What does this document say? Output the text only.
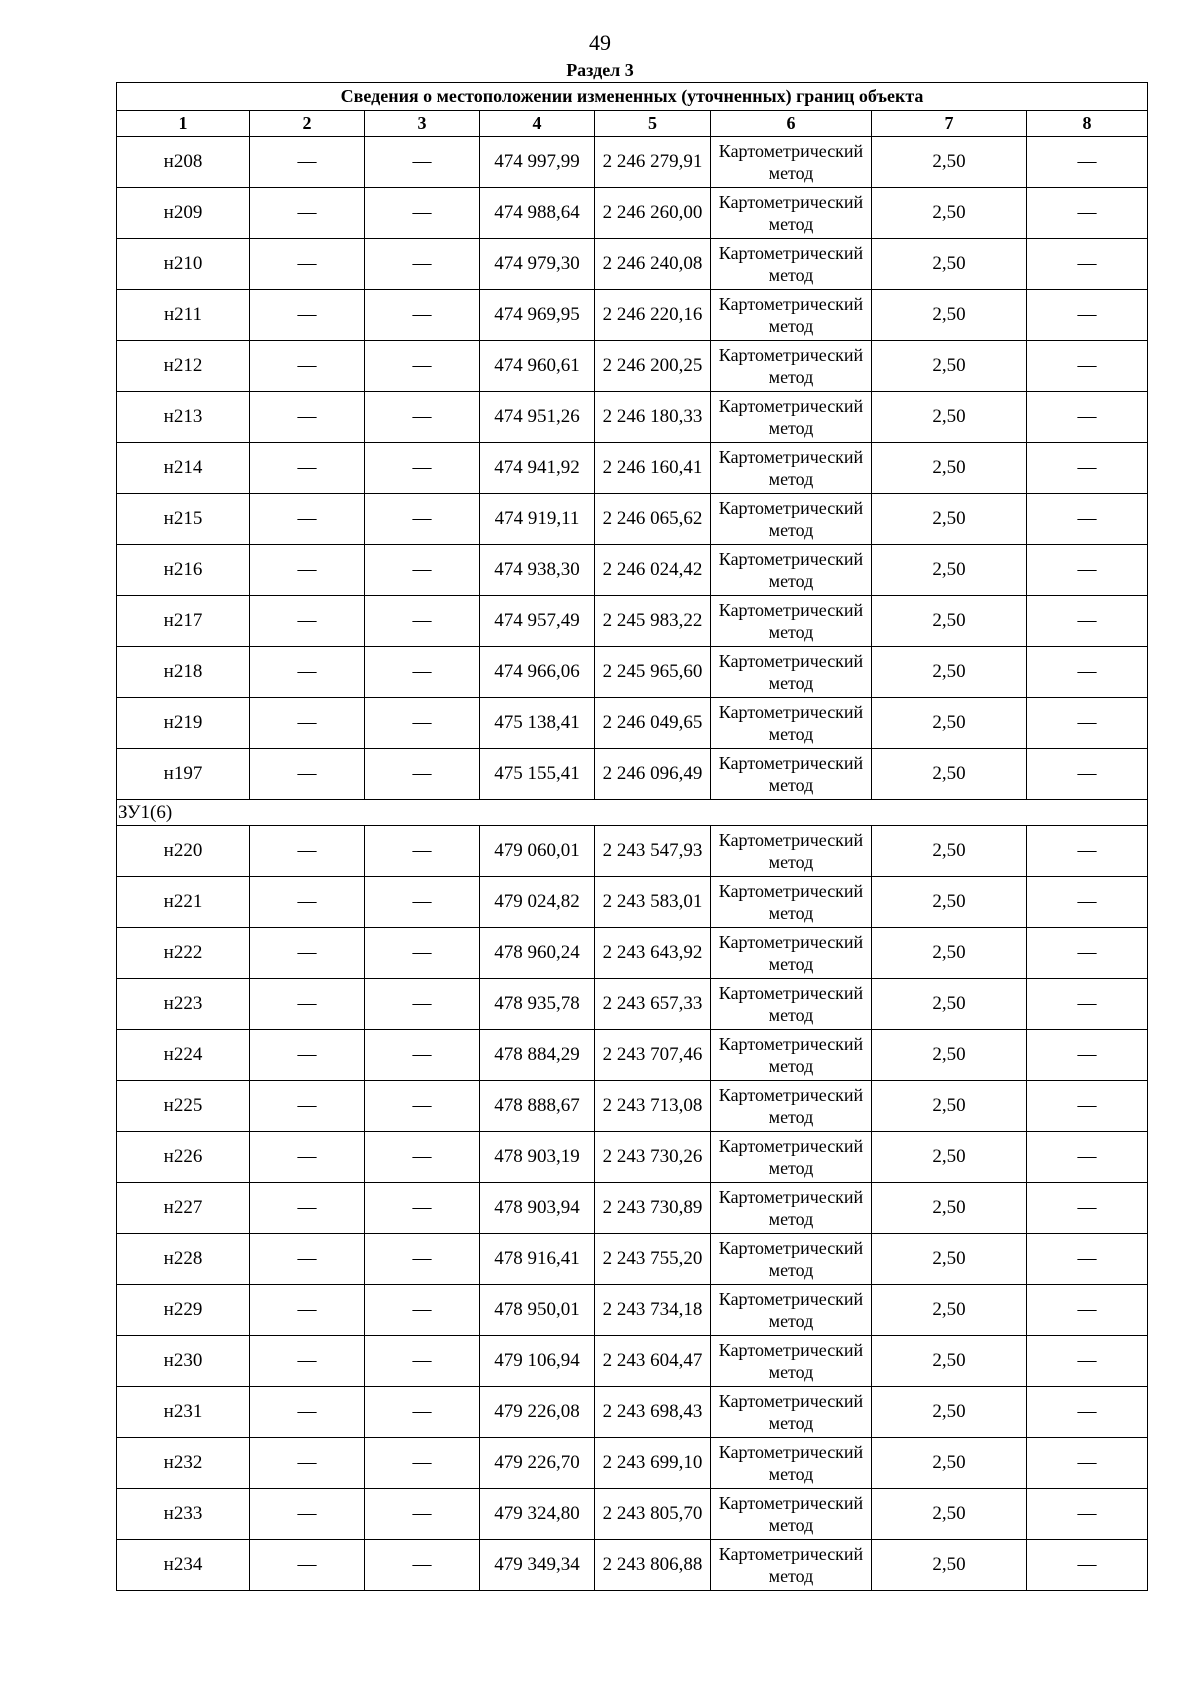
49
Раздел 3
Сведения о местоположении измененных (уточненных) границ объекта							
1	2	3	4	5	6	7	8
н208	—	—	474 997,99	2 246 279,91	Картометрический метод	2,50	—
н209	—	—	474 988,64	2 246 260,00	Картометрический метод	2,50	—
н210	—	—	474 979,30	2 246 240,08	Картометрический метод	2,50	—
н211	—	—	474 969,95	2 246 220,16	Картометрический метод	2,50	—
н212	—	—	474 960,61	2 246 200,25	Картометрический метод	2,50	—
н213	—	—	474 951,26	2 246 180,33	Картометрический метод	2,50	—
н214	—	—	474 941,92	2 246 160,41	Картометрический метод	2,50	—
н215	—	—	474 919,11	2 246 065,62	Картометрический метод	2,50	—
н216	—	—	474 938,30	2 246 024,42	Картометрический метод	2,50	—
н217	—	—	474 957,49	2 245 983,22	Картометрический метод	2,50	—
н218	—	—	474 966,06	2 245 965,60	Картометрический метод	2,50	—
н219	—	—	475 138,41	2 246 049,65	Картометрический метод	2,50	—
н197	—	—	475 155,41	2 246 096,49	Картометрический метод	2,50	—
ЗУ1(6)							
н220	—	—	479 060,01	2 243 547,93	Картометрический метод	2,50	—
н221	—	—	479 024,82	2 243 583,01	Картометрический метод	2,50	—
н222	—	—	478 960,24	2 243 643,92	Картометрический метод	2,50	—
н223	—	—	478 935,78	2 243 657,33	Картометрический метод	2,50	—
н224	—	—	478 884,29	2 243 707,46	Картометрический метод	2,50	—
н225	—	—	478 888,67	2 243 713,08	Картометрический метод	2,50	—
н226	—	—	478 903,19	2 243 730,26	Картометрический метод	2,50	—
н227	—	—	478 903,94	2 243 730,89	Картометрический метод	2,50	—
н228	—	—	478 916,41	2 243 755,20	Картометрический метод	2,50	—
н229	—	—	478 950,01	2 243 734,18	Картометрический метод	2,50	—
н230	—	—	479 106,94	2 243 604,47	Картометрический метод	2,50	—
н231	—	—	479 226,08	2 243 698,43	Картометрический метод	2,50	—
н232	—	—	479 226,70	2 243 699,10	Картометрический метод	2,50	—
н233	—	—	479 324,80	2 243 805,70	Картометрический метод	2,50	—
н234	—	—	479 349,34	2 243 806,88	Картометрический метод	2,50	—
